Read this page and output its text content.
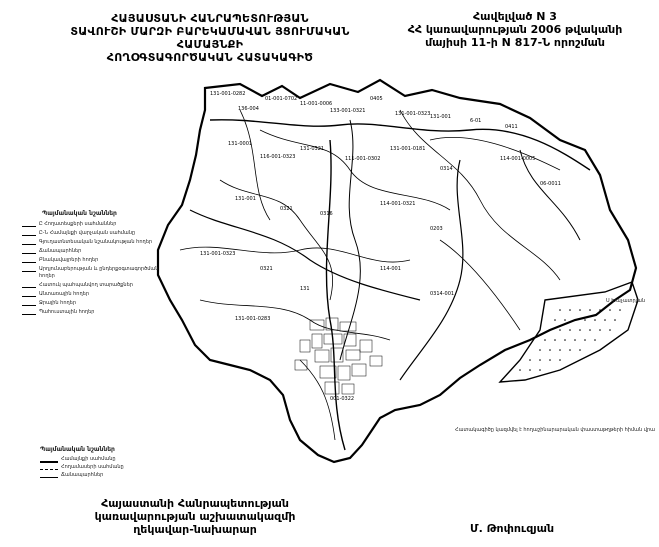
131-001-0282
136-004
01-001-0702
11-001-0006
133-001-0321
0405
131-001-0323 131-001
6-01
0411
131-0001
116-001-0323
131-0321
111-001-0302
131-001-0181
0314
114-001-0005
06-0011
131-001
0321
0316
114-001-0321
0203
131-001-0323
0321
131
114-001
0314-001
131-001-0283
001-0322
ՀԱՅԱՍՏԱՆԻ ՀԱՆՐԱՊԵՏՈՒԹՅԱՆ
ՏԱՎՈՒՇԻ ՄԱՐԶԻ ԲԱՐԵԿԱՄԱՎԱՆ ՅՑՈՒՄԱԿԱՆ ՀԱՄԱՅՆՔԻ
ՀՈՂՕԳՏԱԳՈՐԾԱԿԱՆ ՀԱՏԱԿԱԳԻԾ
Հավելված N 3
ՀՀ կառավարության 2006 թվականի
մայիսի 11-ի N 817-Ն որոշման
Պայմանական նշաններ
Ը Հողատեսքերի սահմաններ
Ը-Ն Համայնքի վարչական սահմանը
Գյուղատնտեսական նշանակության հողեր
Ճանապարհներ
Բնակավայրերի հողեր
Արդյունաբերության և ընդերքօգտագործման հողեր
Հատուկ պահպանվող տարածքներ
Անտառային հողեր
Ջրային հողեր
Պահուստային հողեր
Պայմանական նշաններ
Համայնքի սահմանը
Հողամասերի սահմանը
Ճանապարհներ
Ս Խաչատրյան
Հատակագիծը կազմվել է հողաշինարարական փաստաթղթերի հիման վրա
Հայաստանի Հանրապետության
կառավարության աշխատակազմի
ղեկավար-նախարար	Մ. Թոփուզյան
